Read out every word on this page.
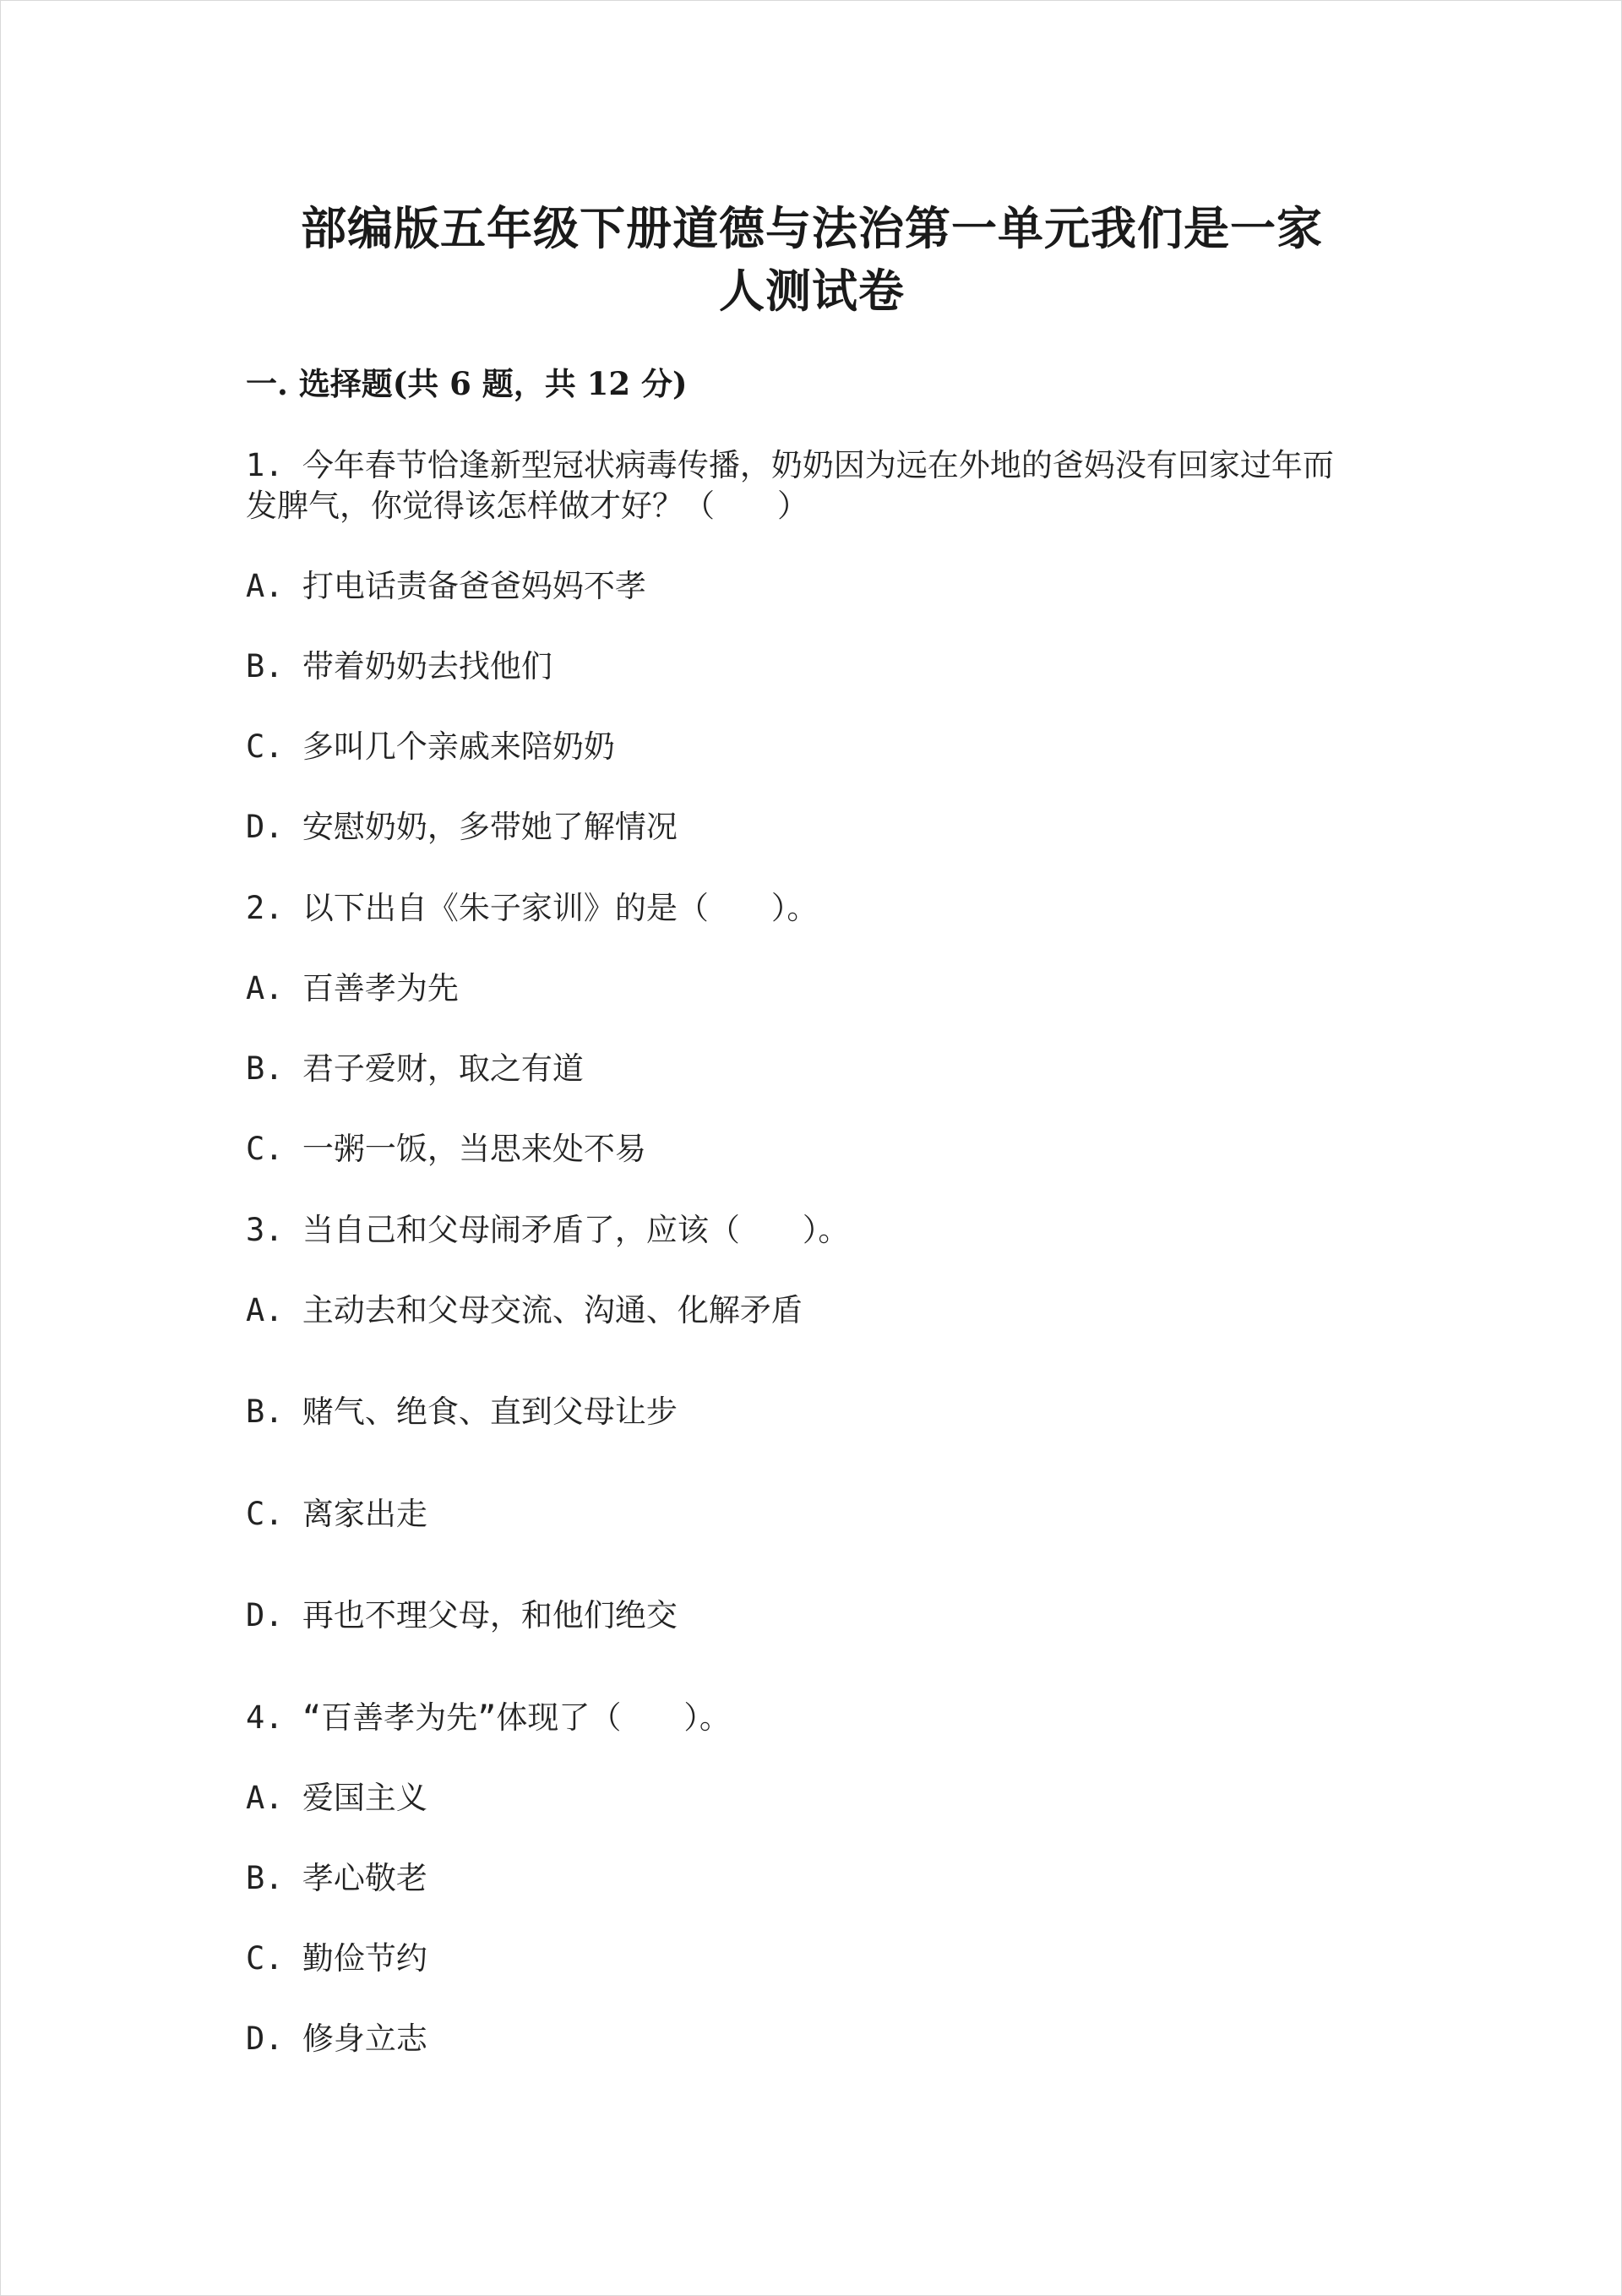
部编版五年级下册道德与法治第一单元我们是一家
人测试卷
一. 选择题(共 6 题，共 12 分)
1. 今年春节恰逢新型冠状病毒传播，奶奶因为远在外地的爸妈没有回家过年而
发脾气，你觉得该怎样做才好？（　　）
A. 打电话责备爸爸妈妈不孝
B. 带着奶奶去找他们
C. 多叫几个亲戚来陪奶奶
D. 安慰奶奶，多带她了解情况
2. 以下出自《朱子家训》的是（　　）。
A. 百善孝为先
B. 君子爱财，取之有道
C. 一粥一饭，当思来处不易
3. 当自己和父母闹矛盾了，应该（　　）。
A. 主动去和父母交流、沟通、化解矛盾
B. 赌气、绝食、直到父母让步
C. 离家出走
D. 再也不理父母，和他们绝交
4. “百善孝为先”体现了（　　）。
A. 爱国主义
B. 孝心敬老
C. 勤俭节约
D. 修身立志
